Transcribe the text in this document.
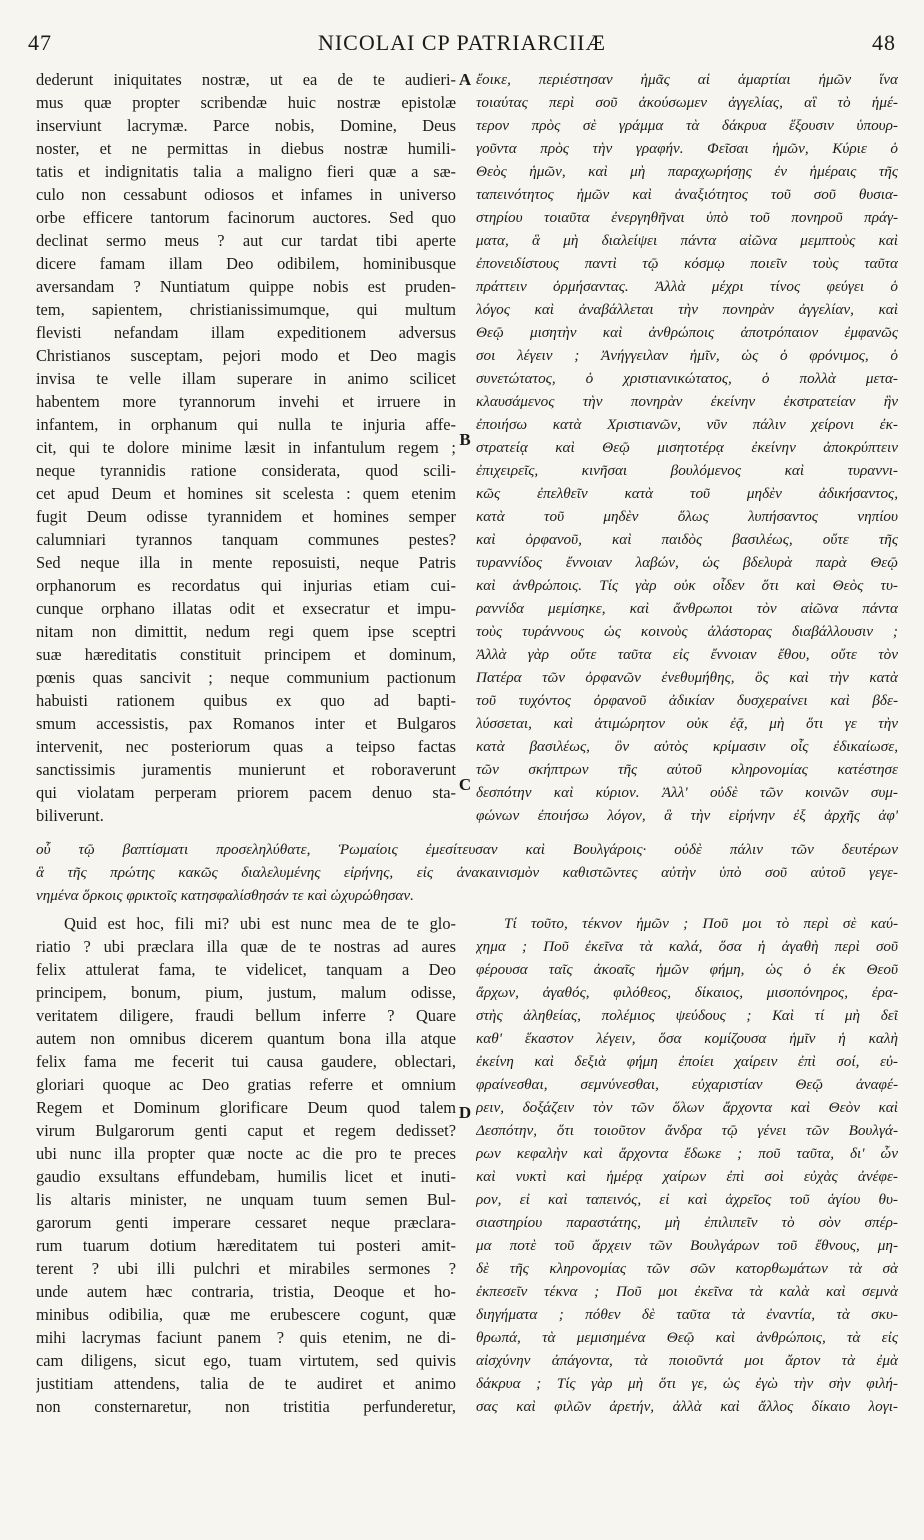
47	NICOLAI CP PATRIARCIIÆ	48
dederunt iniquitates nostræ, ut ea de te audieri-
mus quæ propter scribendæ huic nostræ epistolæ
inserviunt lacrymæ. Parce nobis, Domine, Deus
noster, et ne permittas in diebus nostræ humili-
tatis et indignitatis talia a maligno fieri quæ a sæ-
culo non cessabunt odiosos et infames in universo
orbe efficere tantorum facinorum auctores. Sed quo
declinat sermo meus ? aut cur tardat tibi aperte
dicere famam illam Deo odibilem, hominibusque
aversandam ? Nuntiatum quippe nobis est pruden-
tem, sapientem, christianissimumque, qui multum
flevisti nefandam illam expeditionem adversus
Christianos susceptam, pejori modo et Deo magis
invisa te velle illam superare in animo scilicet
habentem more tyrannorum invehi et irruere in
infantem, in orphanum qui nulla te injuria affe-
cit, qui te dolore minime læsit in infantulum regem ;
neque tyrannidis ratione considerata, quod scili-
cet apud Deum et homines sit scelesta : quem etenim
fugit Deum odisse tyrannidem et homines semper
calumniari tyrannos tanquam communes pestes?
Sed neque illa in mente reposuisti, neque Patris
orphanorum es recordatus qui injurias etiam cui-
cunque orphano illatas odit et exsecratur et impu-
nitam non dimittit, nedum regi quem ipse sceptri
suæ hæreditatis constituit principem et dominum,
pœnis quas sancivit ; neque communium pactionum
habuisti rationem quibus ex quo ad bapti-
smum accessistis, pax Romanos inter et Bulgaros
intervenit, nec posteriorum quas a teipso factas
sanctissimis juramentis munierunt et roboraverunt
qui violatam perperam priorem pacem denuo sta-
biliverunt.
ἔοικε, περιέστησαν ἡμᾶς αἱ ἁμαρτίαι ἡμῶν ἵνα
τοιαύτας περὶ σοῦ ἀκούσωμεν ἀγγελίας, αἳ τὸ ἡμέ-
τερον πρὸς σὲ γράμμα τὰ δάκρυα ἕξουσιν ὑπουρ-
γοῦντα πρὸς τὴν γραφήν. Φεῖσαι ἡμῶν, Κύριε ὁ
Θεὸς ἡμῶν, καὶ μὴ παραχωρήσῃς ἐν ἡμέραις τῆς
ταπεινότητος ἡμῶν καὶ ἀναξιότητος τοῦ σοῦ θυσια-
στηρίου τοιαῦτα ἐνεργηθῆναι ὑπὸ τοῦ πονηροῦ πράγ-
ματα, ἃ μὴ διαλείψει πάντα αἰῶνα μεμπτοὺς καὶ
ἐπονειδίστους παντὶ τῷ κόσμῳ ποιεῖν τοὺς ταῦτα
πράττειν ὁρμήσαντας. Ἀλλὰ μέχρι τίνος φεύγει ὁ
λόγος καὶ ἀναβάλλεται τὴν πονηρὰν ἀγγελίαν, καὶ
Θεῷ μισητὴν καὶ ἀνθρώποις ἀποτρόπαιον ἐμφανῶς
σοι λέγειν ; Ἀνήγγειλαν ἡμῖν, ὡς ὁ φρόνιμος, ὁ
συνετώτατος, ὁ χριστιανικώτατος, ὁ πολλὰ μετα-
κλαυσάμενος τὴν πονηρὰν ἐκείνην ἐκστρατείαν ἣν
ἐποιήσω κατὰ Χριστιανῶν, νῦν πάλιν χείρονι ἐκ-
στρατείᾳ καὶ Θεῷ μισητοτέρᾳ ἐκείνην ἀποκρύπτειν
ἐπιχειρεῖς, κινῆσαι βουλόμενος καὶ τυραννι-
κῶς ἐπελθεῖν κατὰ τοῦ μηδὲν ἀδικήσαντος,
κατὰ τοῦ μηδὲν ὅλως λυπήσαντος νηπίου
καὶ ὀρφανοῦ, καὶ παιδὸς βασιλέως, οὔτε τῆς
τυραννίδος ἔννοιαν λαβών, ὡς βδελυρὰ παρὰ Θεῷ
καὶ ἀνθρώποις. Τίς γὰρ οὐκ οἶδεν ὅτι καὶ Θεὸς τυ-
ραννίδα μεμίσηκε, καὶ ἄνθρωποι τὸν αἰῶνα πάντα
τοὺς τυράννους ὡς κοινοὺς ἀλάστορας διαβάλλουσιν ;
Ἀλλὰ γὰρ οὔτε ταῦτα εἰς ἔννοιαν ἔθου, οὔτε τὸν
Πατέρα τῶν ὀρφανῶν ἐνεθυμήθης, ὃς καὶ τὴν κατὰ
τοῦ τυχόντος ὀρφανοῦ ἀδικίαν δυσχεραίνει καὶ βδε-
λύσσεται, καὶ ἀτιμώρητον οὐκ ἐᾷ, μὴ ὅτι γε τὴν
κατὰ βασιλέως, ὃν αὐτὸς κρίμασιν οἷς ἐδικαίωσε,
τῶν σκήπτρων τῆς αὐτοῦ κληρονομίας κατέστησε
δεσπότην καὶ κύριον. Ἀλλ' οὐδὲ τῶν κοινῶν συμ-
φώνων ἐποιήσω λόγον, ἃ τὴν εἰρήνην ἐξ ἀρχῆς ἀφ'
A
B
C
D
οὗ τῷ βαπτίσματι προσεληλύθατε, Ῥωμαίοις ἐμεσίτευσαν καὶ Βουλγάροις· οὐδὲ πάλιν τῶν δευτέρων
ἃ τῆς πρώτης κακῶς διαλελυμένης εἰρήνης, εἰς ἀνακαινισμὸν καθιστῶντες αὐτὴν ὑπὸ σοῦ αὐτοῦ γεγε-
νημένα ὅρκοις φρικτοῖς κατησφαλίσθησάν τε καὶ ὠχυρώθησαν.
Quid est hoc, fili mi? ubi est nunc mea de te glo-
riatio ? ubi præclara illa quæ de te nostras ad aures
felix attulerat fama, te videlicet, tanquam a Deo
principem, bonum, pium, justum, malum odisse,
veritatem diligere, fraudi bellum inferre ? Quare
autem non omnibus dicerem quantum bona illa atque
felix fama me fecerit tui causa gaudere, oblectari,
gloriari quoque ac Deo gratias referre et omnium
Regem et Dominum glorificare Deum quod talem
virum Bulgarorum genti caput et regem dedisset?
ubi nunc illa propter quæ nocte ac die pro te preces
gaudio exsultans effundebam, humilis licet et inuti-
lis altaris minister, ne unquam tuum semen Bul-
garorum genti imperare cessaret neque præclara-
rum tuarum dotium hæreditatem tui posteri amit-
terent ? ubi illi pulchri et mirabiles sermones ?
unde autem hæc contraria, tristia, Deoque et ho-
minibus odibilia, quæ me erubescere cogunt, quæ
mihi lacrymas faciunt panem ? quis etenim, ne di-
cam diligens, sicut ego, tuam virtutem, sed quivis
justitiam attendens, talia de te audiret et animo
non consternaretur, non tristitia perfunderetur,
Τί τοῦτο, τέκνον ἡμῶν ; Ποῦ μοι τὸ περὶ σὲ καύ-
χημα ; Ποῦ ἐκεῖνα τὰ καλά, ὅσα ἡ ἀγαθὴ περὶ σοῦ
φέρουσα ταῖς ἀκοαῖς ἡμῶν φήμη, ὡς ὁ ἐκ Θεοῦ
ἄρχων, ἀγαθός, φιλόθεος, δίκαιος, μισοπόνηρος, ἐρα-
στὴς ἀληθείας, πολέμιος ψεύδους ; Καὶ τί μὴ δεῖ
καθ' ἕκαστον λέγειν, ὅσα κομίζουσα ἡμῖν ἡ καλὴ
ἐκείνη καὶ δεξιὰ φήμη ἐποίει χαίρειν ἐπὶ σοί, εὐ-
φραίνεσθαι, σεμνύνεσθαι, εὐχαριστίαν Θεῷ ἀναφέ-
ρειν, δοξάζειν τὸν τῶν ὅλων ἄρχοντα καὶ Θεὸν καὶ
Δεσπότην, ὅτι τοιοῦτον ἄνδρα τῷ γένει τῶν Βουλγά-
ρων κεφαλὴν καὶ ἄρχοντα ἔδωκε ; ποῦ ταῦτα, δι' ὧν
καὶ νυκτὶ καὶ ἡμέρᾳ χαίρων ἐπὶ σοὶ εὐχὰς ἀνέφε-
ρον, εἰ καὶ ταπεινός, εἰ καὶ ἀχρεῖος τοῦ ἁγίου θυ-
σιαστηρίου παραστάτης, μὴ ἐπιλιπεῖν τὸ σὸν σπέρ-
μα ποτὲ τοῦ ἄρχειν τῶν Βουλγάρων τοῦ ἔθνους, μη-
δὲ τῆς κληρονομίας τῶν σῶν κατορθωμάτων τὰ σὰ
ἐκπεσεῖν τέκνα ; Ποῦ μοι ἐκεῖνα τὰ καλὰ καὶ σεμνὰ
διηγήματα ; πόθεν δὲ ταῦτα τὰ ἐναντία, τὰ σκυ-
θρωπά, τὰ μεμισημένα Θεῷ καὶ ἀνθρώποις, τὰ εἰς
αἰσχύνην ἀπάγοντα, τὰ ποιοῦντά μοι ἄρτον τὰ ἐμὰ
δάκρυα ; Τίς γὰρ μὴ ὅτι γε, ὡς ἐγὼ τὴν σὴν φιλή-
σας καὶ φιλῶν ἀρετήν, ἀλλὰ καὶ ἄλλος δίκαιο λογι-
